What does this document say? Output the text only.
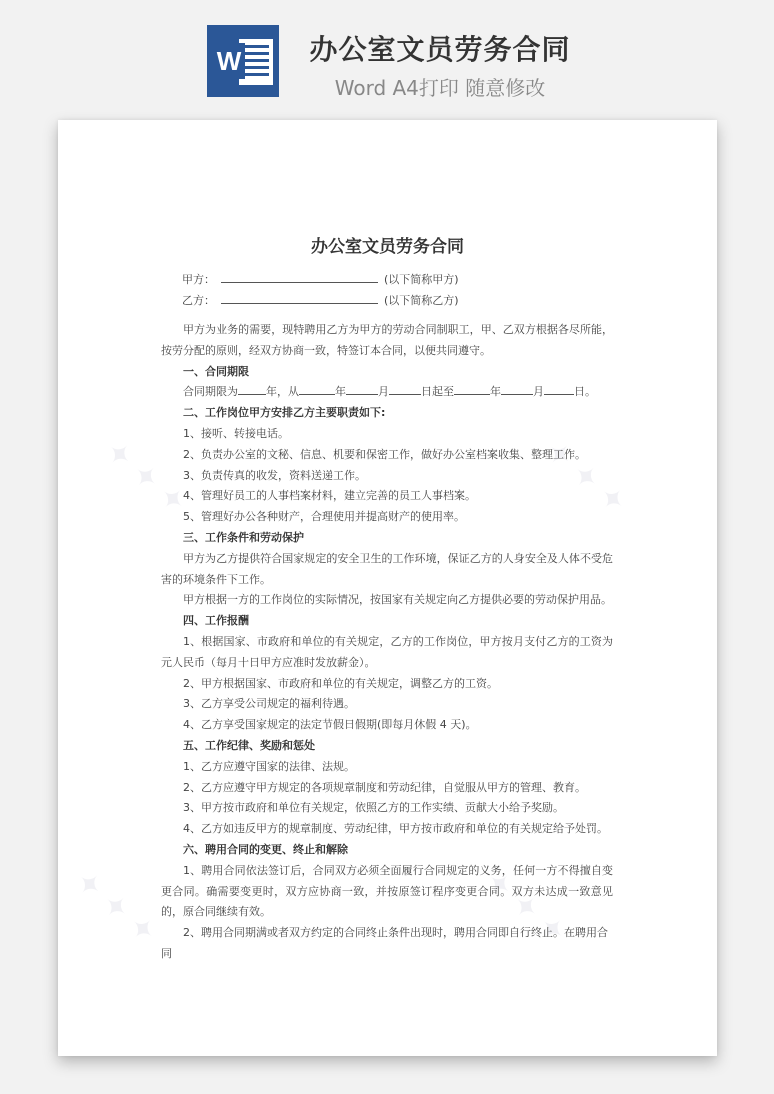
W	办公室文员劳务合同
Word A4打印 随意修改
✦ ✦ ✦	✦ ✦ ✦
✦ ✦ ✦	✦ ✦ ✦
办公室文员劳务合同
甲方：	(以下简称甲方)
乙方：	(以下简称乙方)

甲方为业务的需要，现特聘用乙方为甲方的劳动合同制职工，甲、乙双方根据各尽所能，按劳分配的原则，经双方协商一致，特签订本合同，以便共同遵守。

一、合同期限

合同期限为	年，从	年	月	日起至	年	月	日。

二、工作岗位甲方安排乙方主要职责如下:

1、接听、转接电话。

2、负责办公室的文秘、信息、机要和保密工作，做好办公室档案收集、整理工作。

3、负责传真的收发，资料送递工作。

4、管理好员工的人事档案材料，建立完善的员工人事档案。

5、管理好办公各种财产，合理使用并提高财产的使用率。

三、工作条件和劳动保护

甲方为乙方提供符合国家规定的安全卫生的工作环境，保证乙方的人身安全及人体不受危害的环境条件下工作。

甲方根据一方的工作岗位的实际情况，按国家有关规定向乙方提供必要的劳动保护用品。

四、工作报酬

1、根据国家、市政府和单位的有关规定，乙方的工作岗位，甲方按月支付乙方的工资为元人民币（每月十日甲方应准时发放薪金）。

2、甲方根据国家、市政府和单位的有关规定，调整乙方的工资。

3、乙方享受公司规定的福利待遇。

4、乙方享受国家规定的法定节假日假期(即每月休假 4 天)。

五、工作纪律、奖励和惩处

1、乙方应遵守国家的法律、法规。

2、乙方应遵守甲方规定的各项规章制度和劳动纪律，自觉服从甲方的管理、教育。

3、甲方按市政府和单位有关规定，依照乙方的工作实绩、贡献大小给予奖励。

4、乙方如违反甲方的规章制度、劳动纪律，甲方按市政府和单位的有关规定给予处罚。

六、聘用合同的变更、终止和解除

1、聘用合同依法签订后，合同双方必须全面履行合同规定的义务，任何一方不得擅自变更合同。确需要变更时，双方应协商一致，并按原签订程序变更合同。双方未达成一致意见的，原合同继续有效。

2、聘用合同期满或者双方约定的合同终止条件出现时，聘用合同即自行终止。在聘用合同
